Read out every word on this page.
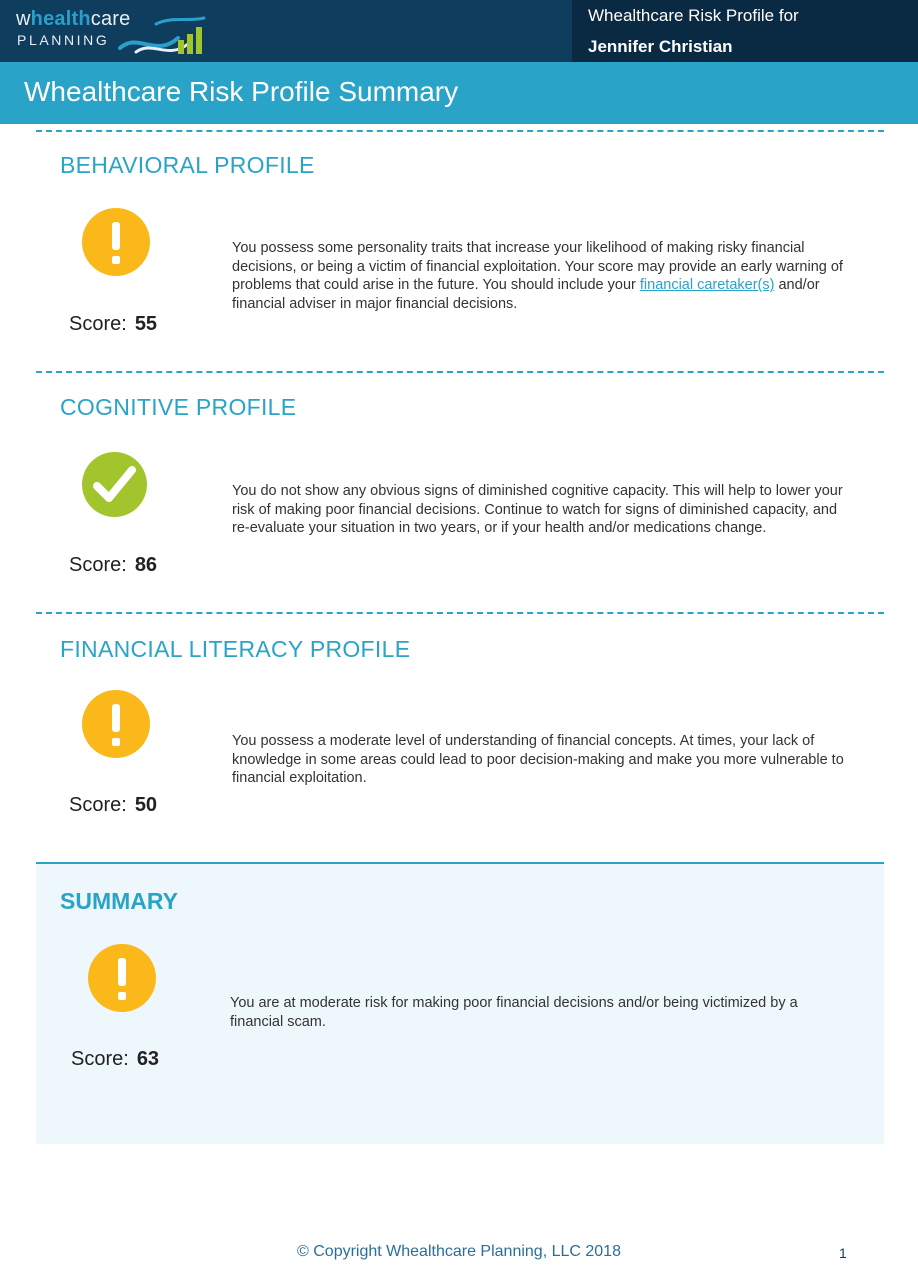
whealthcare
PLANNING
Whealthcare Risk Profile for
Jennifer Christian
Whealthcare Risk Profile Summary
BEHAVIORAL PROFILE
Score: 55
You possess some personality traits that increase your likelihood of making risky financial decisions, or being a victim of financial exploitation. Your score may provide an early warning of problems that could arise in the future. You should include your financial caretaker(s) and/or financial adviser in major financial decisions.
COGNITIVE PROFILE
Score: 86
You do not show any obvious signs of diminished cognitive capacity. This will help to lower your risk of making poor financial decisions. Continue to watch for signs of diminished capacity, and re-evaluate your situation in two years, or if your health and/or medications change.
FINANCIAL LITERACY PROFILE
Score: 50
You possess a moderate level of understanding of financial concepts. At times, your lack of knowledge in some areas could lead to poor decision-making and make you more vulnerable to financial exploitation.
SUMMARY
Score: 63
You are at moderate risk for making poor financial decisions and/or being victimized by a financial scam.
© Copyright Whealthcare Planning, LLC 2018	1
